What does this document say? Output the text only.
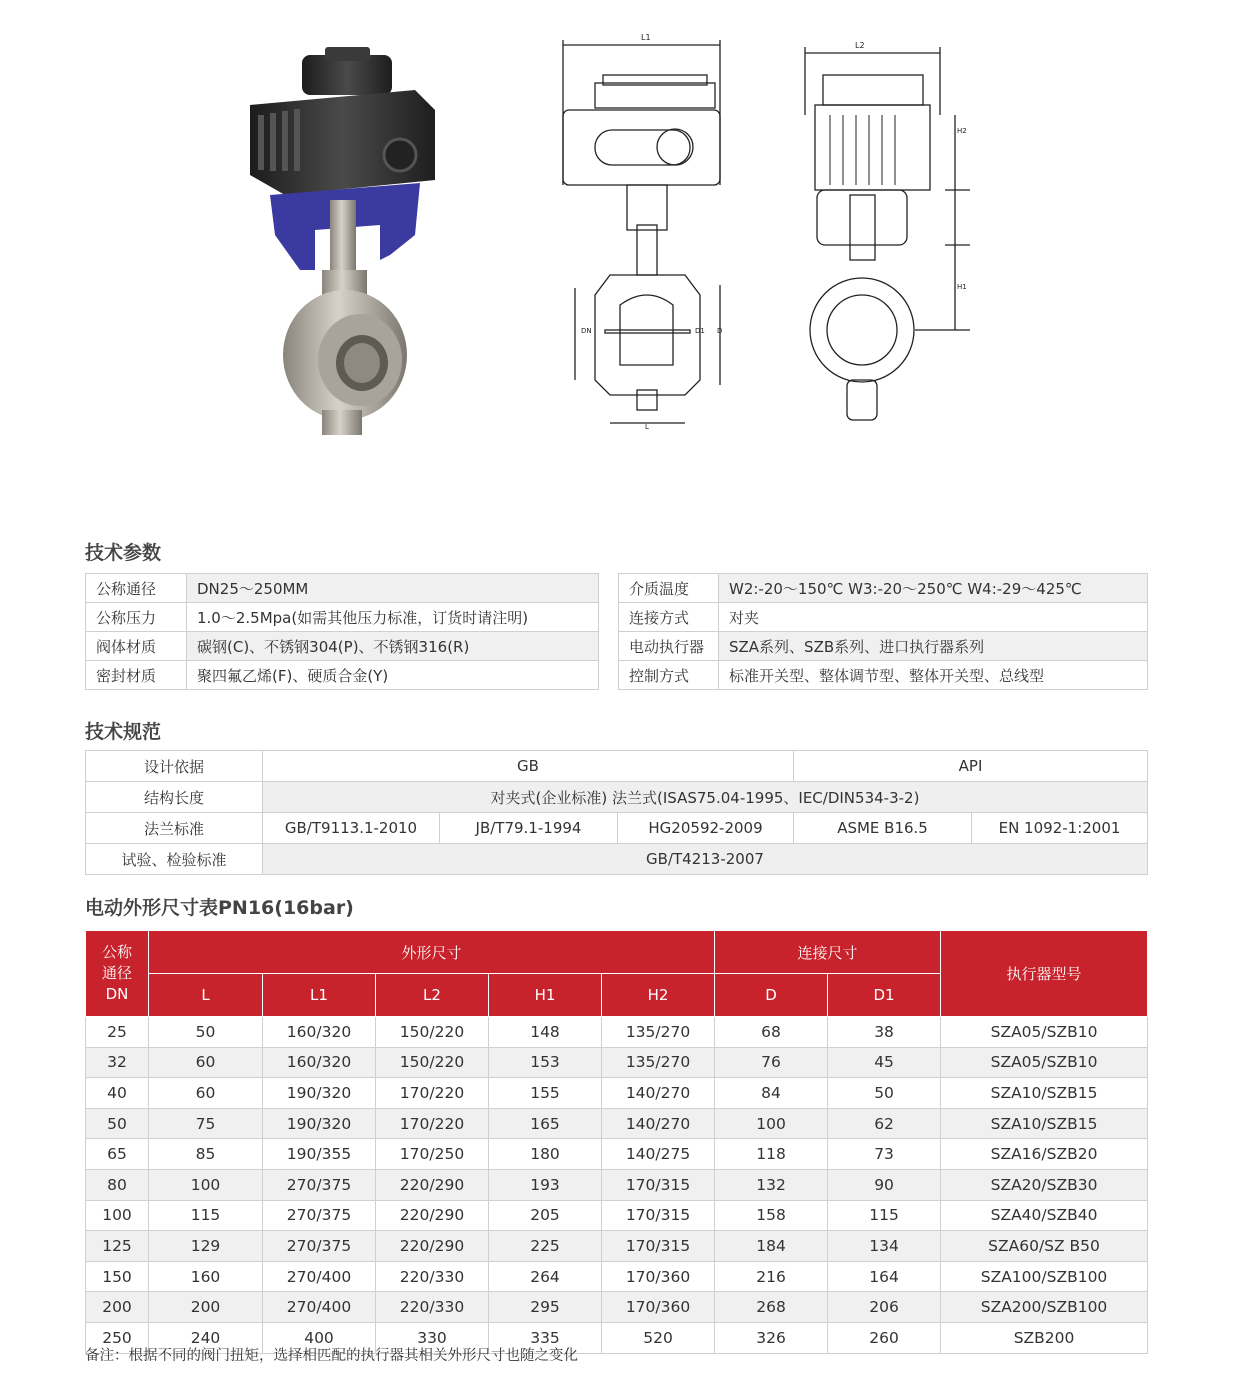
L1
DN	D1 D
L
L2
H2
H1
技术参数
公称通径	DN25～250MM
公称压力	1.0～2.5Mpa(如需其他压力标准，订货时请注明)
阀体材质	碳钢(C)、不锈钢304(P)、不锈钢316(R)
密封材质	聚四氟乙烯(F)、硬质合金(Y)
介质温度	W2:-20～150℃ W3:-20～250℃ W4:-29～425℃
连接方式	对夹
电动执行器	SZA系列、SZB系列、进口执行器系列
控制方式	标准开关型、整体调节型、整体开关型、总线型
技术规范
设计依据	GB			API	
结构长度	对夹式(企业标准) 法兰式(ISAS75.04-1995、IEC/DIN534-3-2)				
法兰标准	GB/T9113.1-2010	JB/T79.1-1994	HG20592-2009	ASME B16.5	EN 1092-1:2001
试验、检验标准	GB/T4213-2007				
电动外形尺寸表PN16(16bar)
公称
通径
DN	外形尺寸					连接尺寸		执行器型号
	L	L1	L2	H1	H2	D	D1	
25	50	160/320	150/220	148	135/270	68	38	SZA05/SZB10
32	60	160/320	150/220	153	135/270	76	45	SZA05/SZB10
40	60	190/320	170/220	155	140/270	84	50	SZA10/SZB15
50	75	190/320	170/220	165	140/270	100	62	SZA10/SZB15
65	85	190/355	170/250	180	140/275	118	73	SZA16/SZB20
80	100	270/375	220/290	193	170/315	132	90	SZA20/SZB30
100	115	270/375	220/290	205	170/315	158	115	SZA40/SZB40
125	129	270/375	220/290	225	170/315	184	134	SZA60/SZ B50
150	160	270/400	220/330	264	170/360	216	164	SZA100/SZB100
200	200	270/400	220/330	295	170/360	268	206	SZA200/SZB100
250	240	400	330	335	520	326	260	SZB200
备注：根据不同的阀门扭矩，选择相匹配的执行器其相关外形尺寸也随之变化
